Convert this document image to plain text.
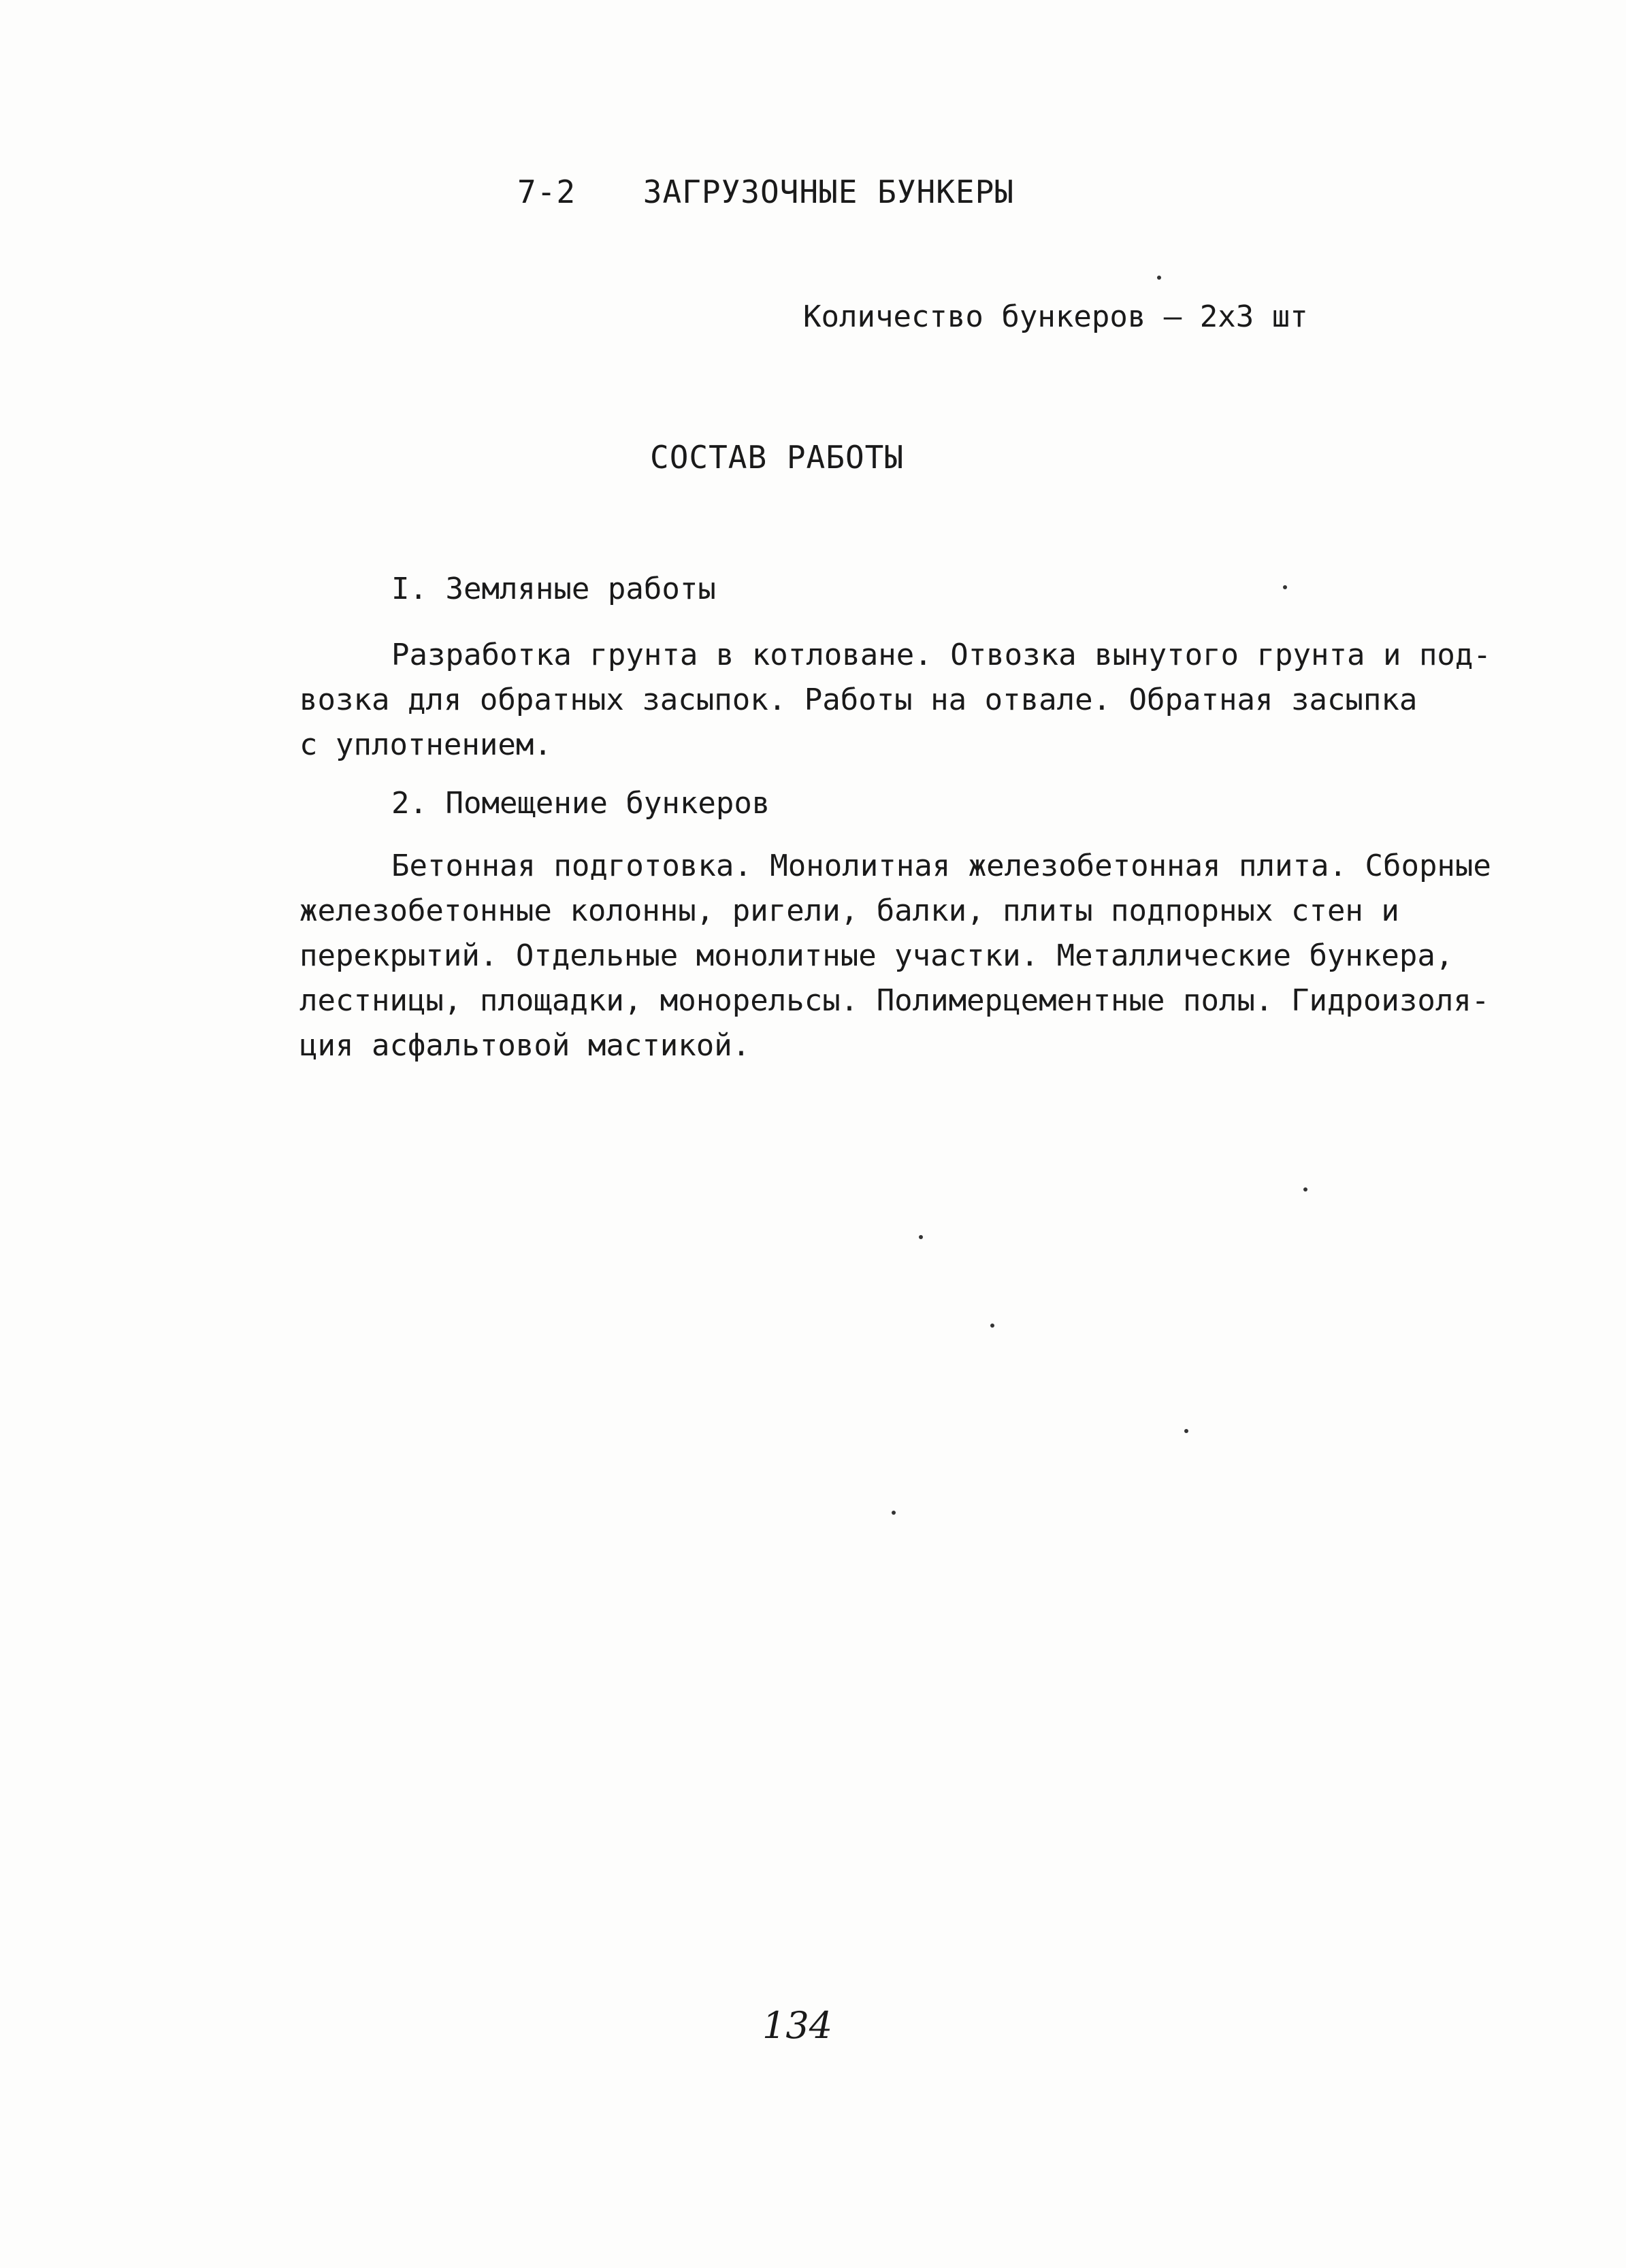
7-2 ЗАГРУЗОЧНЫЕ БУНКЕРЫ
Количество бункеров – 2х3 шт
СОСТАВ РАБОТЫ
I. Земляные работы
Разработка грунта в котловане. Отвозка вынутого грунта и под-
возка для обратных засыпок. Работы на отвале. Обратная засыпка
с уплотнением.
2. Помещение бункеров
Бетонная подготовка. Монолитная железобетонная плита. Сборные
железобетонные колонны, ригели, балки, плиты подпорных стен и
перекрытий. Отдельные монолитные участки. Металлические бункера,
лестницы, площадки, монорельсы. Полимерцементные полы. Гидроизоля-
ция асфальтовой мастикой.
134
